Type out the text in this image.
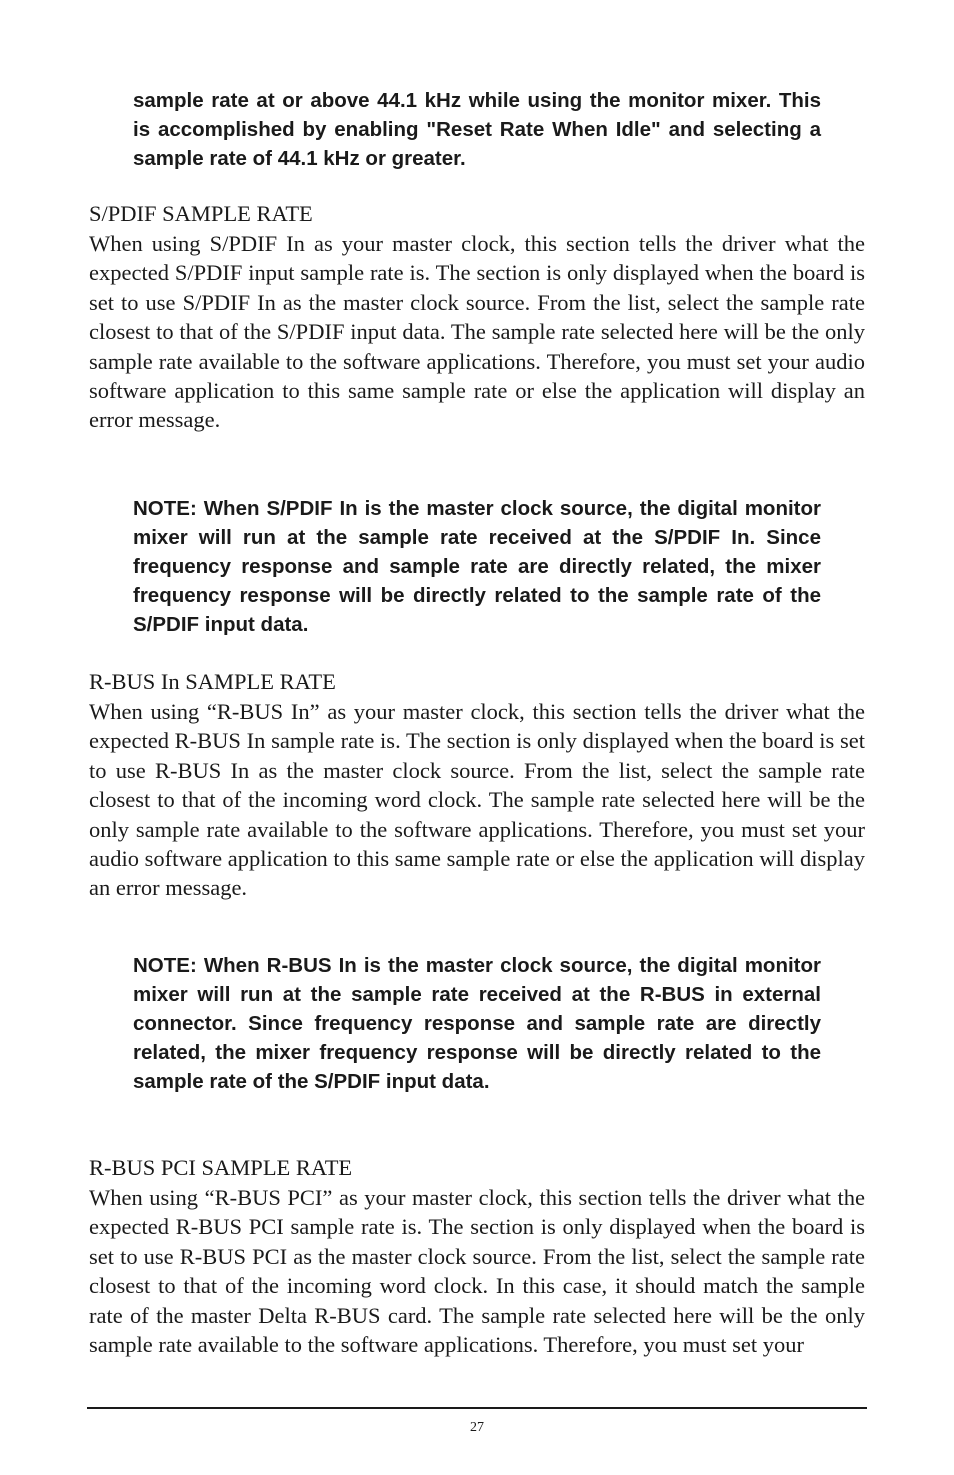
sample rate at or above 44.1 kHz while using the monitor mixer. This is accomplished by enabling "Reset Rate When Idle" and selecting a sample rate of 44.1 kHz or greater.

S/PDIF SAMPLE RATE

When using S/PDIF In as your master clock, this section tells the driver what the expected S/PDIF input sample rate is. The section is only displayed when the board is set to use S/PDIF In as the master clock source. From the list, select the sample rate closest to that of the S/PDIF input data. The sample rate selected here will be the only sample rate available to the software applications. Therefore, you must set your audio software application to this same sample rate or else the application will display an error message.

NOTE: When S/PDIF In is the master clock source, the digital monitor mixer will run at the sample rate received at the S/PDIF In. Since frequency response and sample rate are directly related, the mixer frequency response will be directly related to the sample rate of the S/PDIF input data.

R-BUS In SAMPLE RATE

When using “R-BUS In” as your master clock, this section tells the driver what the expected R-BUS In sample rate is. The section is only displayed when the board is set to use R-BUS In as the master clock source. From the list, select the sample rate closest to that of the incoming word clock. The sample rate selected here will be the only sample rate available to the software applications. Therefore, you must set your audio software application to this same sample rate or else the application will display an error message.

NOTE: When R-BUS In is the master clock source, the digital monitor mixer will run at the sample rate received at the R-BUS in external connector. Since frequency response and sample rate are directly related, the mixer frequency response will be directly related to the sample rate of the S/PDIF input data.

R-BUS PCI SAMPLE RATE

When using “R-BUS PCI” as your master clock, this section tells the driver what the expected R-BUS PCI sample rate is. The section is only displayed when the board is set to use R-BUS PCI as the master clock source. From the list, select the sample rate closest to that of the incoming word clock. In this case, it should match the sample rate of the master Delta R-BUS card. The sample rate selected here will be the only sample rate available to the software applications. Therefore, you must set your

27
